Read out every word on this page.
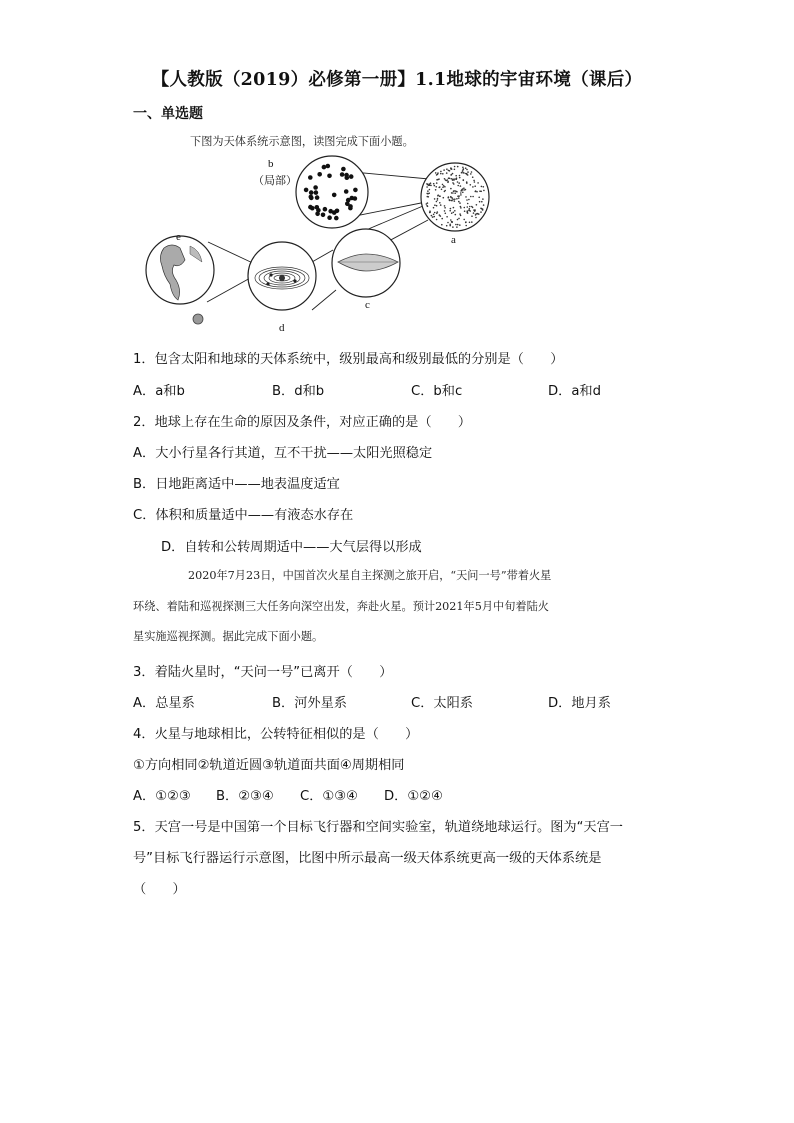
【人教版（2019）必修第一册】1.1地球的宇宙环境（课后）
一、单选题
下图为天体系统示意图，读图完成下面小题。
b
（局部）
a
c
d
e
1．包含太阳和地球的天体系统中，级别最高和级别最低的分别是（　　）
A．a和b	B．d和b	C．b和c	D．a和d
2．地球上存在生命的原因及条件，对应正确的是（　　）
A．大小行星各行其道，互不干扰——太阳光照稳定
B．日地距离适中——地表温度适宜
C．体积和质量适中——有液态水存在
D．自转和公转周期适中——大气层得以形成
2020年7月23日，中国首次火星自主探测之旅开启，“天问一号”带着火星
环绕、着陆和巡视探测三大任务向深空出发，奔赴火星。预计2021年5月中旬着陆火
星实施巡视探测。据此完成下面小题。
3．着陆火星时，“天问一号”已离开（　　）
A．总星系	B．河外星系	C．太阳系	D．地月系
4．火星与地球相比，公转特征相似的是（　　）
①方向相同②轨道近圆③轨道面共面④周期相同
A．①②③ B．②③④ C．①③④ D．①②④
5．天宫一号是中国第一个目标飞行器和空间实验室，轨道绕地球运行。图为“天宫一
号”目标飞行器运行示意图，比图中所示最高一级天体系统更高一级的天体系统是
（　　）
